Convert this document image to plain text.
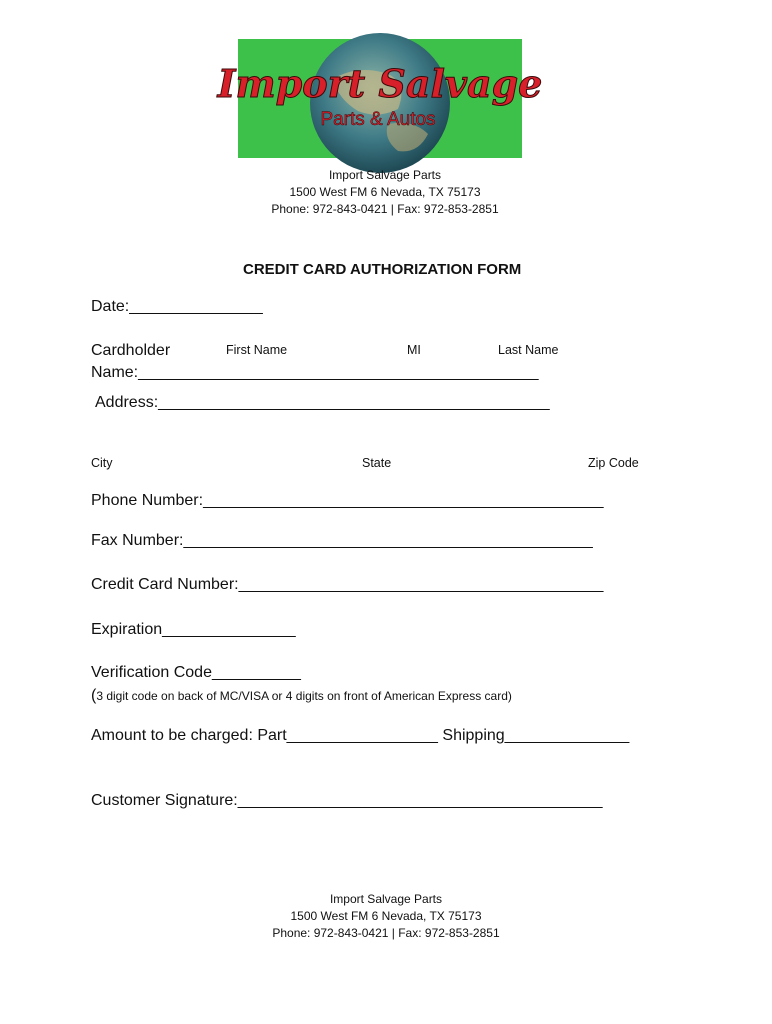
Import Salvage
Parts & Autos
Import Salvage Parts
1500 West FM 6 Nevada, TX 75173
Phone: 972-843-0421 | Fax: 972-853-2851
CREDIT CARD AUTHORIZATION FORM
Date:_______________
Cardholder	First Name	MI	Last Name
Name:_____________________________________________
Address:____________________________________________
City	State	Zip Code
Phone Number:_____________________________________________
Fax Number:______________________________________________
Credit Card Number:_________________________________________
Expiration_______________
Verification Code__________
(3 digit code on back of MC/VISA or 4 digits on front of American Express card)
Amount to be charged: Part_________________ Shipping______________
Customer Signature:_________________________________________
Import Salvage Parts
1500 West FM 6 Nevada, TX 75173
Phone: 972-843-0421 | Fax: 972-853-2851
